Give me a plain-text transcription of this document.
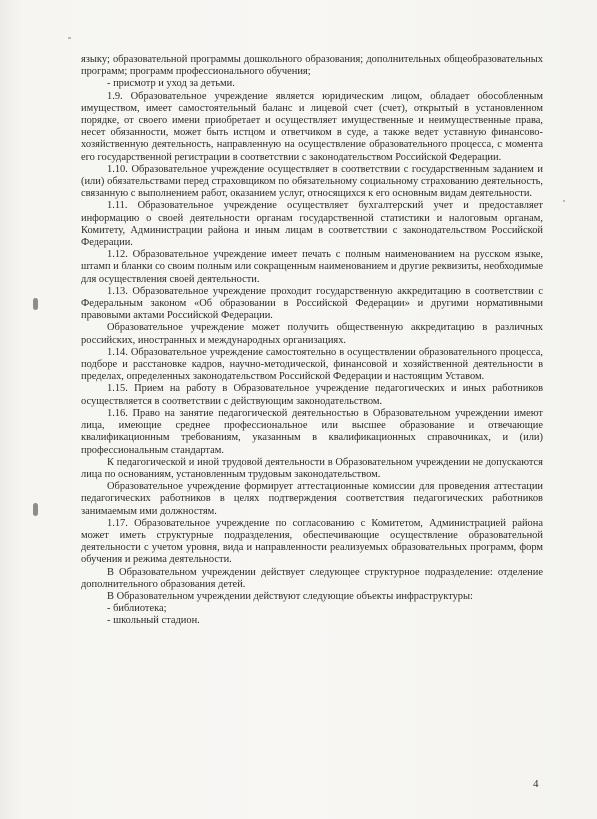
языку; образовательной программы дошкольного образования; дополнительных общеобразовательных программ; программ профессионального обучения;

- присмотр и уход за детьми.

1.9. Образовательное учреждение является юридическим лицом, обладает обособленным имуществом, имеет самостоятельный баланс и лицевой счет (счет), открытый в установленном порядке, от своего имени приобретает и осуществляет имущественные и неимущественные права, несет обязанности, может быть истцом и ответчиком в суде, а также ведет уставную финансово-хозяйственную деятельность, направленную на осуществление образовательного процесса, с момента его государственной регистрации в соответствии с законодательством Российской Федерации.

1.10. Образовательное учреждение осуществляет в соответствии с государственным заданием и (или) обязательствами перед страховщиком по обязательному социальному страхованию деятельность, связанную с выполнением работ, оказанием услуг, относящихся к его основным видам деятельности.

1.11. Образовательное учреждение осуществляет бухгалтерский учет и предоставляет информацию о своей деятельности органам государственной статистики и налоговым органам, Комитету, Администрации района и иным лицам в соответствии с законодательством Российской Федерации.

1.12. Образовательное учреждение имеет печать с полным наименованием на русском языке, штамп и бланки со своим полным или сокращенным наименованием и другие реквизиты, необходимые для осуществления своей деятельности.

1.13. Образовательное учреждение проходит государственную аккредитацию в соответствии с Федеральным законом «Об образовании в Российской Федерации» и другими нормативными правовыми актами Российской Федерации.

Образовательное учреждение может получить общественную аккредитацию в различных российских, иностранных и международных организациях.

1.14. Образовательное учреждение самостоятельно в осуществлении образовательного процесса, подборе и расстановке кадров, научно-методической, финансовой и хозяйственной деятельности в пределах, определенных законодательством Российской Федерации и настоящим Уставом.

1.15. Прием на работу в Образовательное учреждение педагогических и иных работников осуществляется в соответствии с действующим законодательством.

1.16. Право на занятие педагогической деятельностью в Образовательном учреждении имеют лица, имеющие среднее профессиональное или высшее образование и отвечающие квалификационным требованиям, указанным в квалификационных справочниках, и (или) профессиональным стандартам.

К педагогической и иной трудовой деятельности в Образовательном учреждении не допускаются лица по основаниям, установленным трудовым законодательством.

Образовательное учреждение формирует аттестационные комиссии для проведения аттестации педагогических работников в целях подтверждения соответствия педагогических работников занимаемым ими должностям.

1.17. Образовательное учреждение по согласованию с Комитетом, Администрацией района может иметь структурные подразделения, обеспечивающие осуществление образовательной деятельности с учетом уровня, вида и направленности реализуемых образовательных программ, форм обучения и режима деятельности.

В Образовательном учреждении действует следующее структурное подразделение: отделение дополнительного образования детей.

В Образовательном учреждении действуют следующие объекты инфраструктуры:

- библиотека;

- школьный стадион.

4
